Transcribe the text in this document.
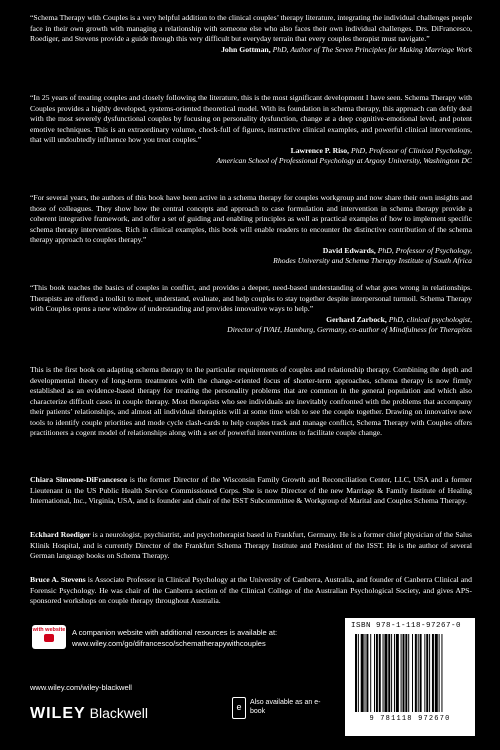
“Schema Therapy with Couples is a very helpful addition to the clinical couples’ therapy literature, integrating the individual challenges people face in their own growth with managing a relationship with someone else who also faces their own individual challenges. Drs. DiFrancesco, Roediger, and Stevens provide a guide through this very difficult but everyday terrain that every couples therapist must navigate.”

John Gottman, PhD, Author of The Seven Principles for Making Marriage Work

“In 25 years of treating couples and closely following the literature, this is the most significant development I have seen. Schema Therapy with Couples provides a highly developed, systems-oriented theoretical model. With its foundation in schema therapy, this approach can deftly deal with the most severely dysfunctional couples by focusing on personality dysfunction, change at a deep cognitive-emotional level, and potent emotive techniques. This is an extraordinary volume, chock-full of figures, instructive clinical examples, and powerful clinical interventions, that will undoubtedly influence how you treat couples.”

Lawrence P. Riso, PhD, Professor of Clinical Psychology,

American School of Professional Psychology at Argosy University, Washington DC

“For several years, the authors of this book have been active in a schema therapy for couples workgroup and now share their own insights and those of colleagues. They show how the central concepts and approach to case formulation and intervention in schema therapy provide a coherent integrative framework, and offer a set of guiding and enabling principles as well as practical examples of how to implement specific schema therapy interventions. Rich in clinical examples, this book will enable readers to encounter the distinctive contribution of the schema therapy approach to couples therapy.”

David Edwards, PhD, Professor of Psychology,

Rhodes University and Schema Therapy Institute of South Africa

“This book teaches the basics of couples in conflict, and provides a deeper, need-based understanding of what goes wrong in relationships. Therapists are offered a toolkit to meet, understand, evaluate, and help couples to stay together despite interpersonal turmoil. Schema Therapy with Couples opens a new window of understanding and provides innovative ways to help.”

Gerhard Zarbock, PhD, clinical psychologist,

Director of IVAH, Hamburg, Germany, co-author of Mindfulness for Therapists

This is the first book on adapting schema therapy to the particular requirements of couples and relationship therapy. Combining the depth and developmental theory of long-term treatments with the change-oriented focus of shorter-term approaches, schema therapy is now firmly established as an evidence-based therapy for treating the personality problems that are common in the general population and which also characterize difficult cases in couple therapy. Most therapists who see individuals are inevitably confronted with the problems that accompany their patients’ relationships, and almost all individual therapists will at some time wish to see the couple together. Drawing on innovative new tools to identify couple priorities and mode cycle clash-cards to help couples track and manage conflict, Schema Therapy with Couples offers practitioners a cogent model of relationships along with a set of powerful interventions to facilitate couple change.

Chiara Simeone-DiFrancesco is the former Director of the Wisconsin Family Growth and Reconciliation Center, LLC, USA and a former Lieutenant in the US Public Health Service Commissioned Corps. She is now Director of the new Marriage & Family Institute of Healing International, Inc., Virginia, USA, and is founder and chair of the ISST Subcommittee & Workgroup of Marital and Couples Schema Therapy.

Eckhard Roediger is a neurologist, psychiatrist, and psychotherapist based in Frankfurt, Germany. He is a former chief physician of the Salus Klinik Hospital, and is currently Director of the Frankfurt Schema Therapy Institute and President of the ISST. He is the author of several German language books on Schema Therapy.

Bruce A. Stevens is Associate Professor in Clinical Psychology at the University of Canberra, Australia, and founder of Canberra Clinical and Forensic Psychology. He was chair of the Canberra section of the Clinical College of the Australian Psychological Society, and gives APS-sponsored workshops on couple therapy throughout Australia.

with website A companion website with additional resources is available at:
www.wiley.com/go/difrancesco/schematherapywithcouples
www.wiley.com/wiley-blackwell
WILEY Blackwell	e	Also available as an e-book
ISBN 978-1-118-97267-0
9 781118 972670
